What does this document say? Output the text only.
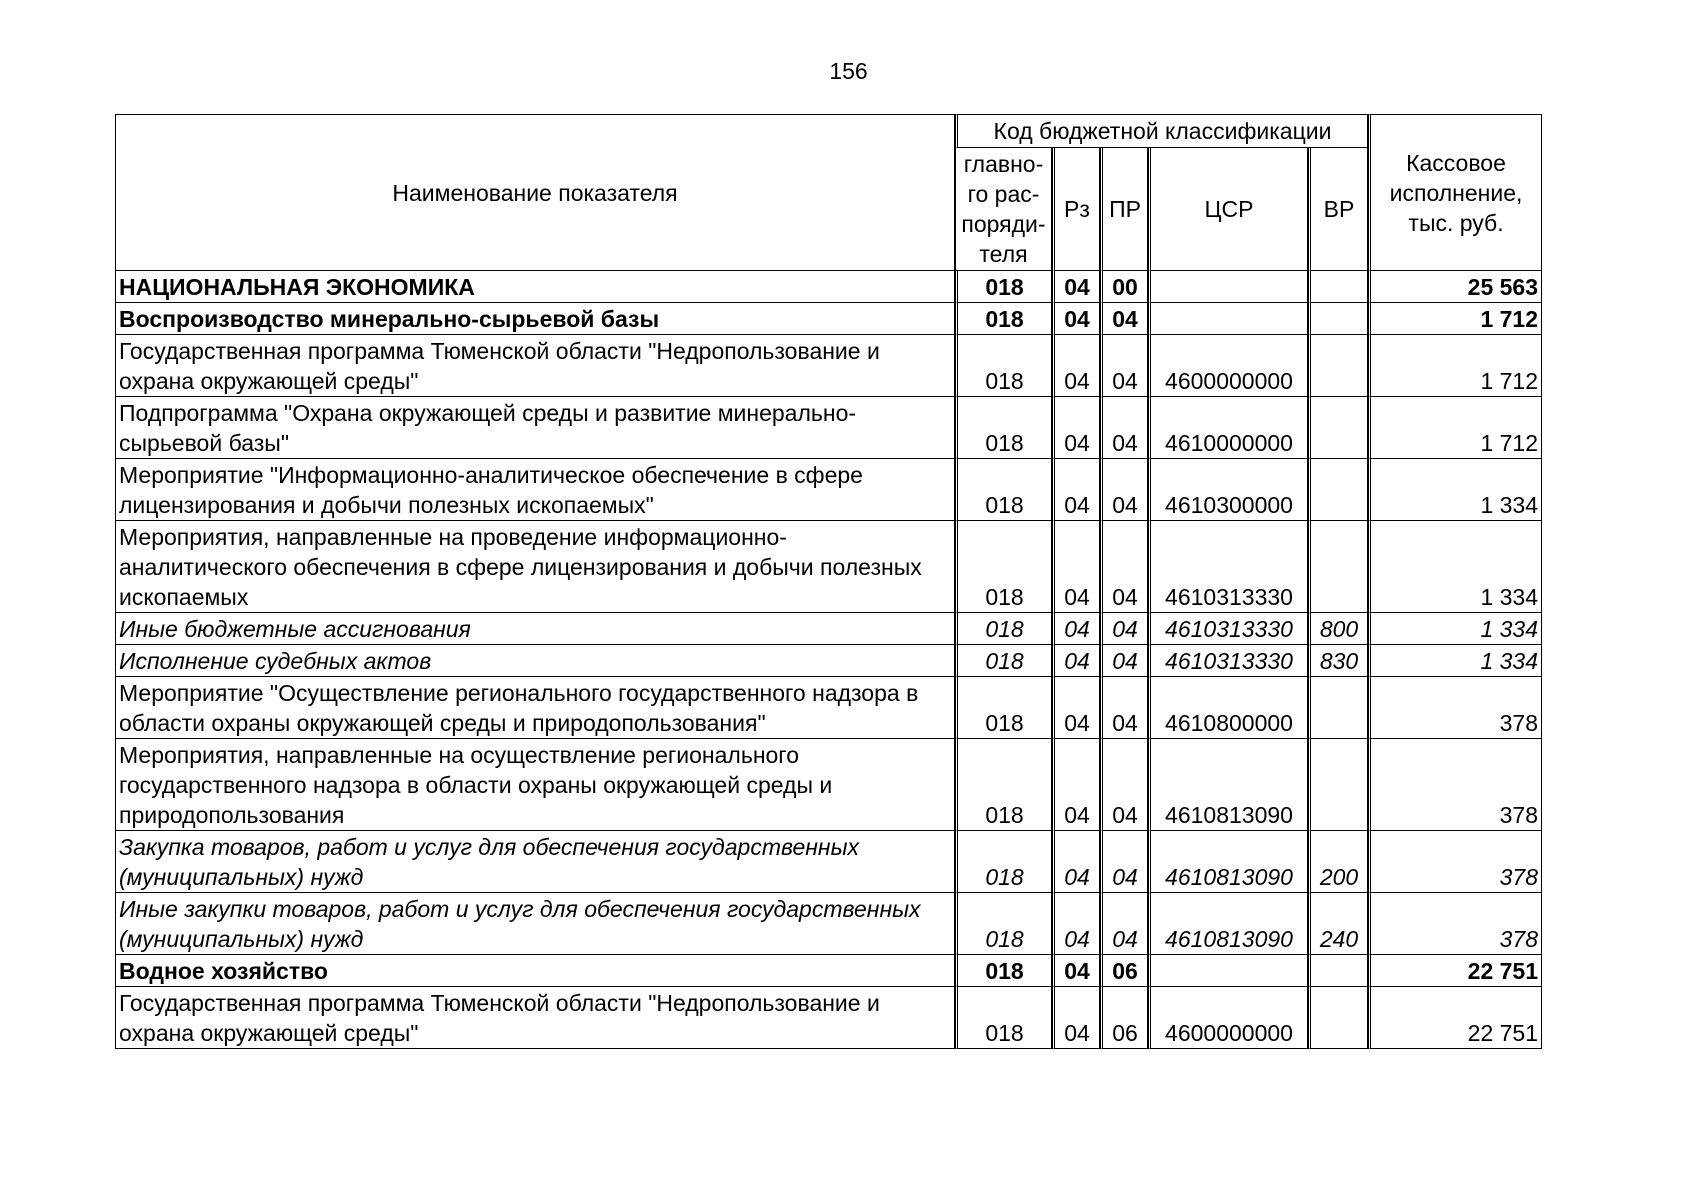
156
Наименование показателя	Код бюджетной классификации					Кассовое
исполнение,
тыс. руб.

	главно-
го рас-
поряди-
теля	Рз	ПР	ЦСР	ВР	
НАЦИОНАЛЬНАЯ ЭКОНОМИКА	018	04	00			25 563
Воспроизводство минерально-сырьевой базы	018	04	04			1 712
Государственная программа Тюменской области "Недропользование и охрана окружающей среды"	018	04	04	4600000000		1 712
Подпрограмма "Охрана окружающей среды и развитие минерально-сырьевой базы"	018	04	04	4610000000		1 712
Мероприятие "Информационно-аналитическое обеспечение в сфере лицензирования и добычи полезных ископаемых"	018	04	04	4610300000		1 334
Мероприятия, направленные на проведение информационно-аналитического обеспечения в сфере лицензирования и добычи полезных ископаемых	018	04	04	4610313330		1 334
Иные бюджетные ассигнования	018	04	04	4610313330	800	1 334
Исполнение судебных актов	018	04	04	4610313330	830	1 334
Мероприятие "Осуществление регионального государственного надзора в области охраны окружающей среды и природопользования"	018	04	04	4610800000		378
Мероприятия, направленные на осуществление регионального государственного надзора в области охраны окружающей среды и природопользования	018	04	04	4610813090		378
Закупка товаров, работ и услуг для обеспечения государственных (муниципальных) нужд	018	04	04	4610813090	200	378
Иные закупки товаров, работ и услуг для обеспечения государственных (муниципальных) нужд	018	04	04	4610813090	240	378
Водное хозяйство	018	04	06			22 751
Государственная программа Тюменской области "Недропользование и охрана окружающей среды"	018	04	06	4600000000		22 751
